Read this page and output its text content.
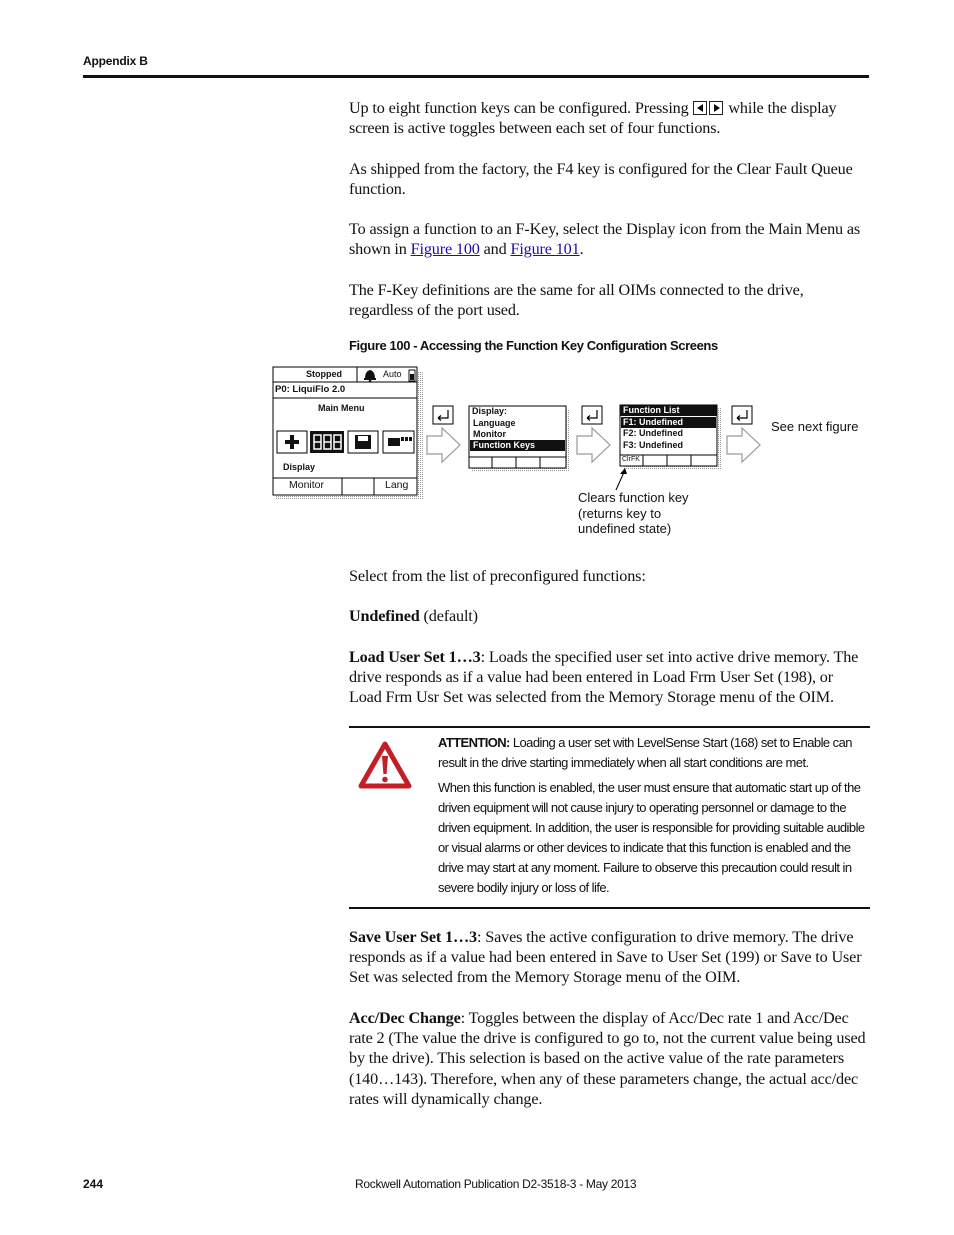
Appendix B

Up to eight function keys can be configured. Pressing while the display screen is active toggles between each set of four functions.

As shipped from the factory, the F4 key is configured for the Clear Fault Queue function.

To assign a function to an F-Key, select the Display icon from the Main Menu as shown in Figure 100 and Figure 101.

The F-Key definitions are the same for all OIMs connected to the drive, regardless of the port used.

Figure 100 - Accessing the Function Key Configuration Screens
Stopped	Auto
P0: LiquiFlo 2.0
Main Menu
Display
Monitor	Lang
Display:
Language
Monitor
Function Keys
Function List
F1: Undefined
F2: Undefined
F3: Undefined
ClrFK
See next figure
Clears function key
(returns key to
undefined state)

Select from the list of preconfigured functions:

Undefined (default)

Load User Set 1…3: Loads the specified user set into active drive memory. The drive responds as if a value had been entered in Load Frm User Set (198), or Load Frm Usr Set was selected from the Memory Storage menu of the OIM.

ATTENTION: Loading a user set with LevelSense Start (168) set to Enable can result in the drive starting immediately when all start conditions are met.

When this function is enabled, the user must ensure that automatic start up of the driven equipment will not cause injury to operating personnel or damage to the driven equipment. In addition, the user is responsible for providing suitable audible or visual alarms or other devices to indicate that this function is enabled and the drive may start at any moment. Failure to observe this precaution could result in severe bodily injury or loss of life.

Save User Set 1…3: Saves the active configuration to drive memory. The drive responds as if a value had been entered in Save to User Set (199) or Save to User Set was selected from the Memory Storage menu of the OIM.

Acc/Dec Change: Toggles between the display of Acc/Dec rate 1 and Acc/Dec rate 2 (The value the drive is configured to go to, not the current value being used by the drive). This selection is based on the active value of the rate parameters (140…143). Therefore, when any of these parameters change, the actual acc/dec rates will dynamically change.

244	Rockwell Automation Publication D2-3518-3 - May 2013
